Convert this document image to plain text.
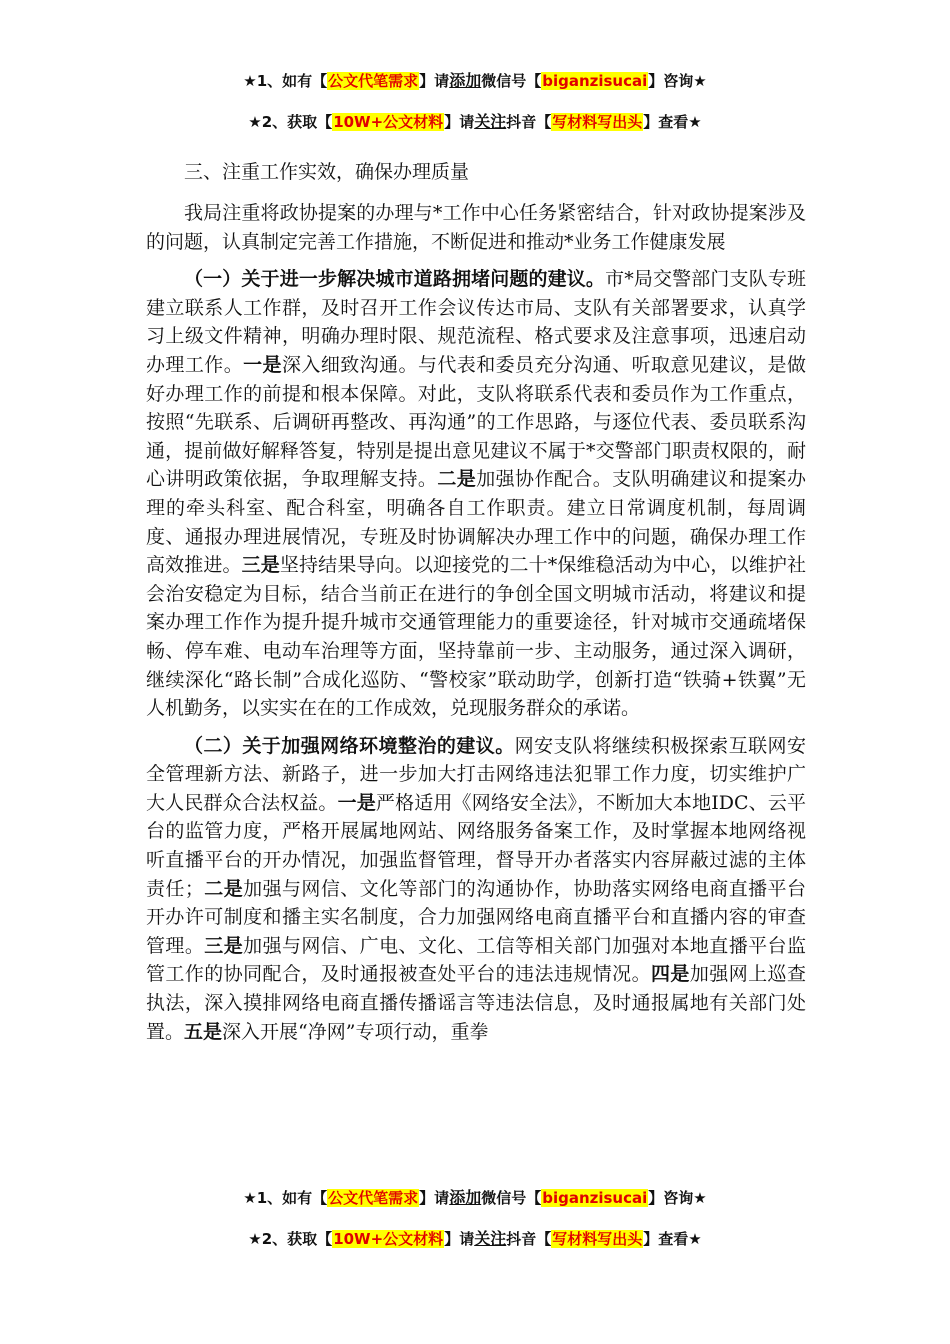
★1、如有【公文代笔需求】请添加微信号【biganzisucai】咨询★
★2、获取【10W+公文材料】请关注抖音【写材料写出头】查看★
三、注重工作实效，确保办理质量

我局注重将政协提案的办理与*工作中心任务紧密结合，针对政协提案涉及的问题，认真制定完善工作措施，不断促进和推动*业务工作健康发展

（一）关于进一步解决城市道路拥堵问题的建议。市*局交警部门支队专班建立联系人工作群，及时召开工作会议传达市局、支队有关部署要求，认真学习上级文件精神，明确办理时限、规范流程、格式要求及注意事项，迅速启动办理工作。一是深入细致沟通。与代表和委员充分沟通、听取意见建议，是做好办理工作的前提和根本保障。对此，支队将联系代表和委员作为工作重点，按照“先联系、后调研再整改、再沟通”的工作思路，与逐位代表、委员联系沟通，提前做好解释答复，特别是提出意见建议不属于*交警部门职责权限的，耐心讲明政策依据，争取理解支持。二是加强协作配合。支队明确建议和提案办理的牵头科室、配合科室，明确各自工作职责。建立日常调度机制，每周调度、通报办理进展情况，专班及时协调解决办理工作中的问题，确保办理工作高效推进。三是坚持结果导向。以迎接党的二十*保维稳活动为中心，以维护社会治安稳定为目标，结合当前正在进行的争创全国文明城市活动，将建议和提案办理工作作为提升提升城市交通管理能力的重要途径，针对城市交通疏堵保畅、停车难、电动车治理等方面，坚持靠前一步、主动服务，通过深入调研，继续深化“路长制”合成化巡防、“警校家”联动助学，创新打造“铁骑+铁翼”无人机勤务，以实实在在的工作成效，兑现服务群众的承诺。

（二）关于加强网络环境整治的建议。网安支队将继续积极探索互联网安全管理新方法、新路子，进一步加大打击网络违法犯罪工作力度，切实维护广大人民群众合法权益。一是严格适用《网络安全法》，不断加大本地IDC、云平台的监管力度，严格开展属地网站、网络服务备案工作，及时掌握本地网络视听直播平台的开办情况，加强监督管理，督导开办者落实内容屏蔽过滤的主体责任；二是加强与网信、文化等部门的沟通协作，协助落实网络电商直播平台开办许可制度和播主实名制度，合力加强网络电商直播平台和直播内容的审查管理。三是加强与网信、广电、文化、工信等相关部门加强对本地直播平台监管工作的协同配合，及时通报被查处平台的违法违规情况。四是加强网上巡查执法，深入摸排网络电商直播传播谣言等违法信息，及时通报属地有关部门处置。五是深入开展“净网”专项行动，重拳

★1、如有【公文代笔需求】请添加微信号【biganzisucai】咨询★
★2、获取【10W+公文材料】请关注抖音【写材料写出头】查看★
